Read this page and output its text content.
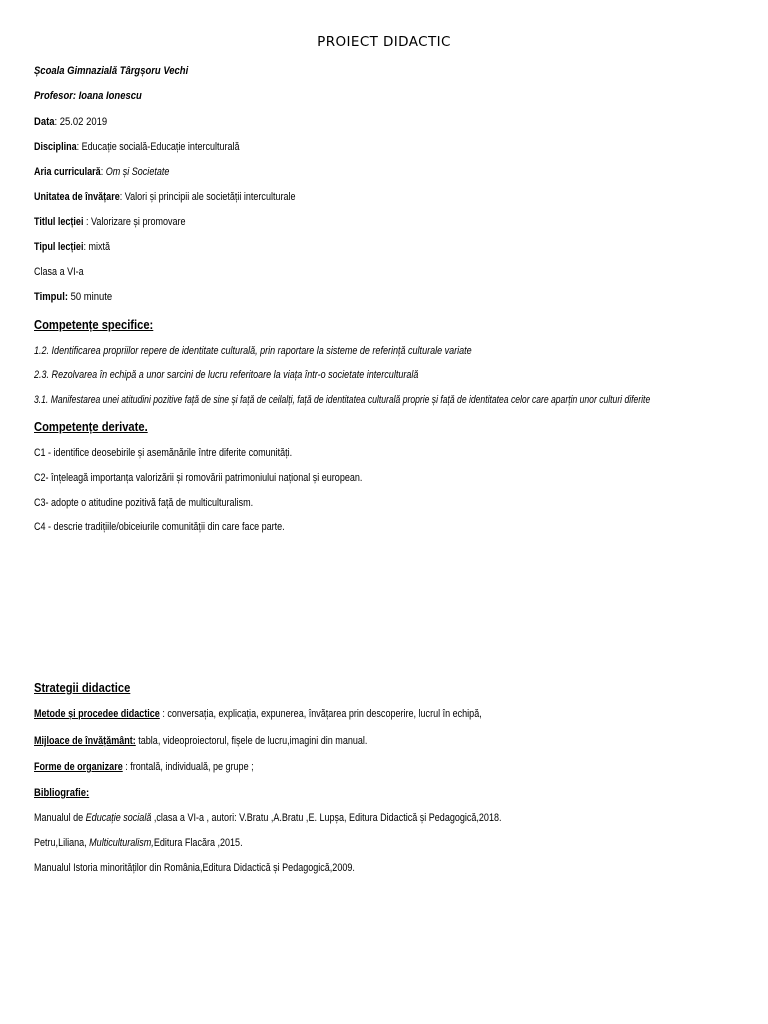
PROIECT DIDACTIC
Școala Gimnazială Târgșoru Vechi
Profesor: Ioana Ionescu
Data: 25.02 2019
Disciplina: Educație socială-Educație interculturală
Aria curriculară: Om și Societate
Unitatea de învățare: Valori și principii ale societății interculturale
Titlul lecției : Valorizare și promovare
Tipul lecției: mixtă
Clasa a VI-a
Timpul: 50 minute
Competențe specifice:
1.2. Identificarea propriilor repere de identitate culturală, prin raportare la sisteme de referință culturale variate
2.3. Rezolvarea în echipă a unor sarcini de lucru referitoare la viața într-o societate interculturală
3.1. Manifestarea unei atitudini pozitive față de sine și față de ceilalți, față de identitatea culturală proprie și față de identitatea celor care aparțin unor culturi diferite
Competențe derivate.
C1 - identifice deosebirile și asemănările între diferite comunități.
C2- înțeleagă importanța valorizării și romovării patrimoniului național și european.
C3- adopte o atitudine pozitivă față de multiculturalism.
C4 - descrie tradițiile/obiceiurile comunității din care face parte.
Strategii didactice
Metode și procedee didactice : conversația, explicația, expunerea, învățarea prin descoperire, lucrul în echipă,
Mijloace de învățământ: tabla, videoproiectorul, fișele de lucru,imagini din manual.
Forme de organizare : frontală, individuală, pe grupe ;
Bibliografie:
Manualul de Educație socială ,clasa a VI-a , autori: V.Bratu ,A.Bratu ,E. Lupșa, Editura Didactică și Pedagogică,2018.
Petru,Liliana, Multiculturalism,Editura Flacăra ,2015.
Manualul Istoria minorităților din România,Editura Didactică și Pedagogică,2009.
